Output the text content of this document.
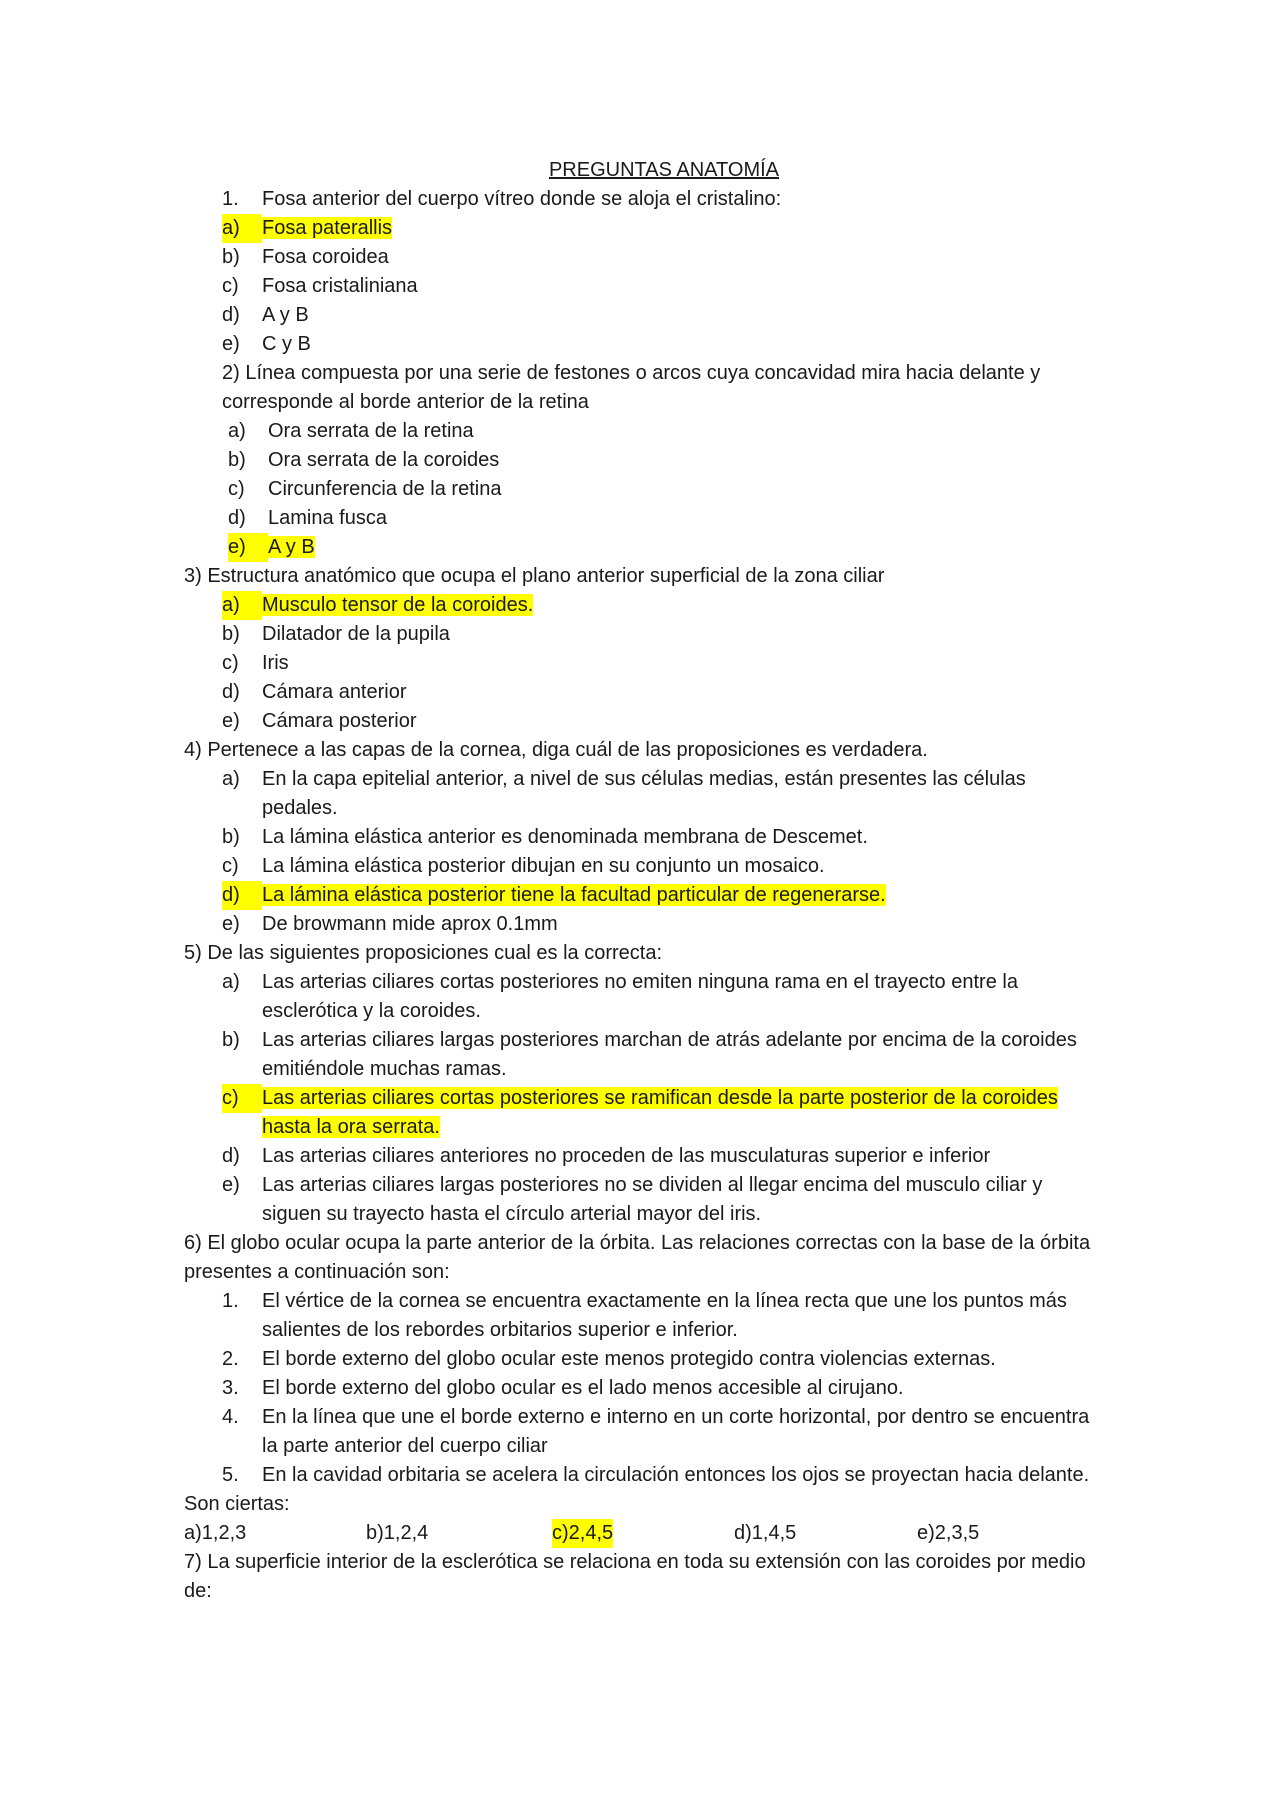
PREGUNTAS ANATOMÍA
1.	Fosa anterior del cuerpo vítreo donde se aloja el cristalino:
a)	Fosa paterallis
b)	Fosa coroidea
c)	Fosa cristaliniana
d)	A y B
e)	C y B
2) Línea compuesta por una serie de festones o arcos cuya concavidad mira hacia delante y corresponde al borde anterior de la retina
a)	Ora serrata de la retina
b)	Ora serrata de la coroides
c)	Circunferencia de la retina
d)	Lamina fusca
e)	A y B
3) Estructura anatómico que ocupa el plano anterior superficial de la zona ciliar
a)	Musculo tensor de la coroides.
b)	Dilatador de la pupila
c)	Iris
d)	Cámara anterior
e)	Cámara posterior
4) Pertenece a las capas de la cornea, diga cuál de las proposiciones es verdadera.
a)	En la capa epitelial anterior, a nivel de sus células medias, están presentes las células pedales.
b)	La lámina elástica anterior es denominada membrana de Descemet.
c)	La lámina elástica posterior dibujan en su conjunto un mosaico.
d)	La lámina elástica posterior tiene la facultad particular de regenerarse.
e)	De browmann mide aprox 0.1mm
5) De las siguientes proposiciones cual es la correcta:
a)	Las arterias ciliares cortas posteriores no emiten ninguna rama en el trayecto entre la esclerótica y la coroides.
b)	Las arterias ciliares largas posteriores marchan de atrás adelante por encima de la coroides emitiéndole muchas ramas.
c)	Las arterias ciliares cortas posteriores se ramifican desde la parte posterior de la coroides hasta la ora serrata.
d)	Las arterias ciliares anteriores no proceden de las musculaturas superior e inferior
e)	Las arterias ciliares largas posteriores no se dividen al llegar encima del musculo ciliar y siguen su trayecto hasta el círculo arterial mayor del iris.
6) El globo ocular ocupa la parte anterior de la órbita. Las relaciones correctas con la base de la órbita presentes a continuación son:
1.	El vértice de la cornea se encuentra exactamente en la línea recta que une los puntos más salientes de los rebordes orbitarios superior e inferior.
2.	El borde externo del globo ocular este menos protegido contra violencias externas.
3.	El borde externo del globo ocular es el lado menos accesible al cirujano.
4.	En la línea que une el borde externo e interno en un corte horizontal, por dentro se encuentra la parte anterior del cuerpo ciliar
5.	En la cavidad orbitaria se acelera la circulación entonces los ojos se proyectan hacia delante.
Son ciertas:
a)1,2,3	b)1,2,4	c)2,4,5	d)1,4,5	e)2,3,5
7) La superficie interior de la esclerótica se relaciona en toda su extensión con las coroides por medio de:
